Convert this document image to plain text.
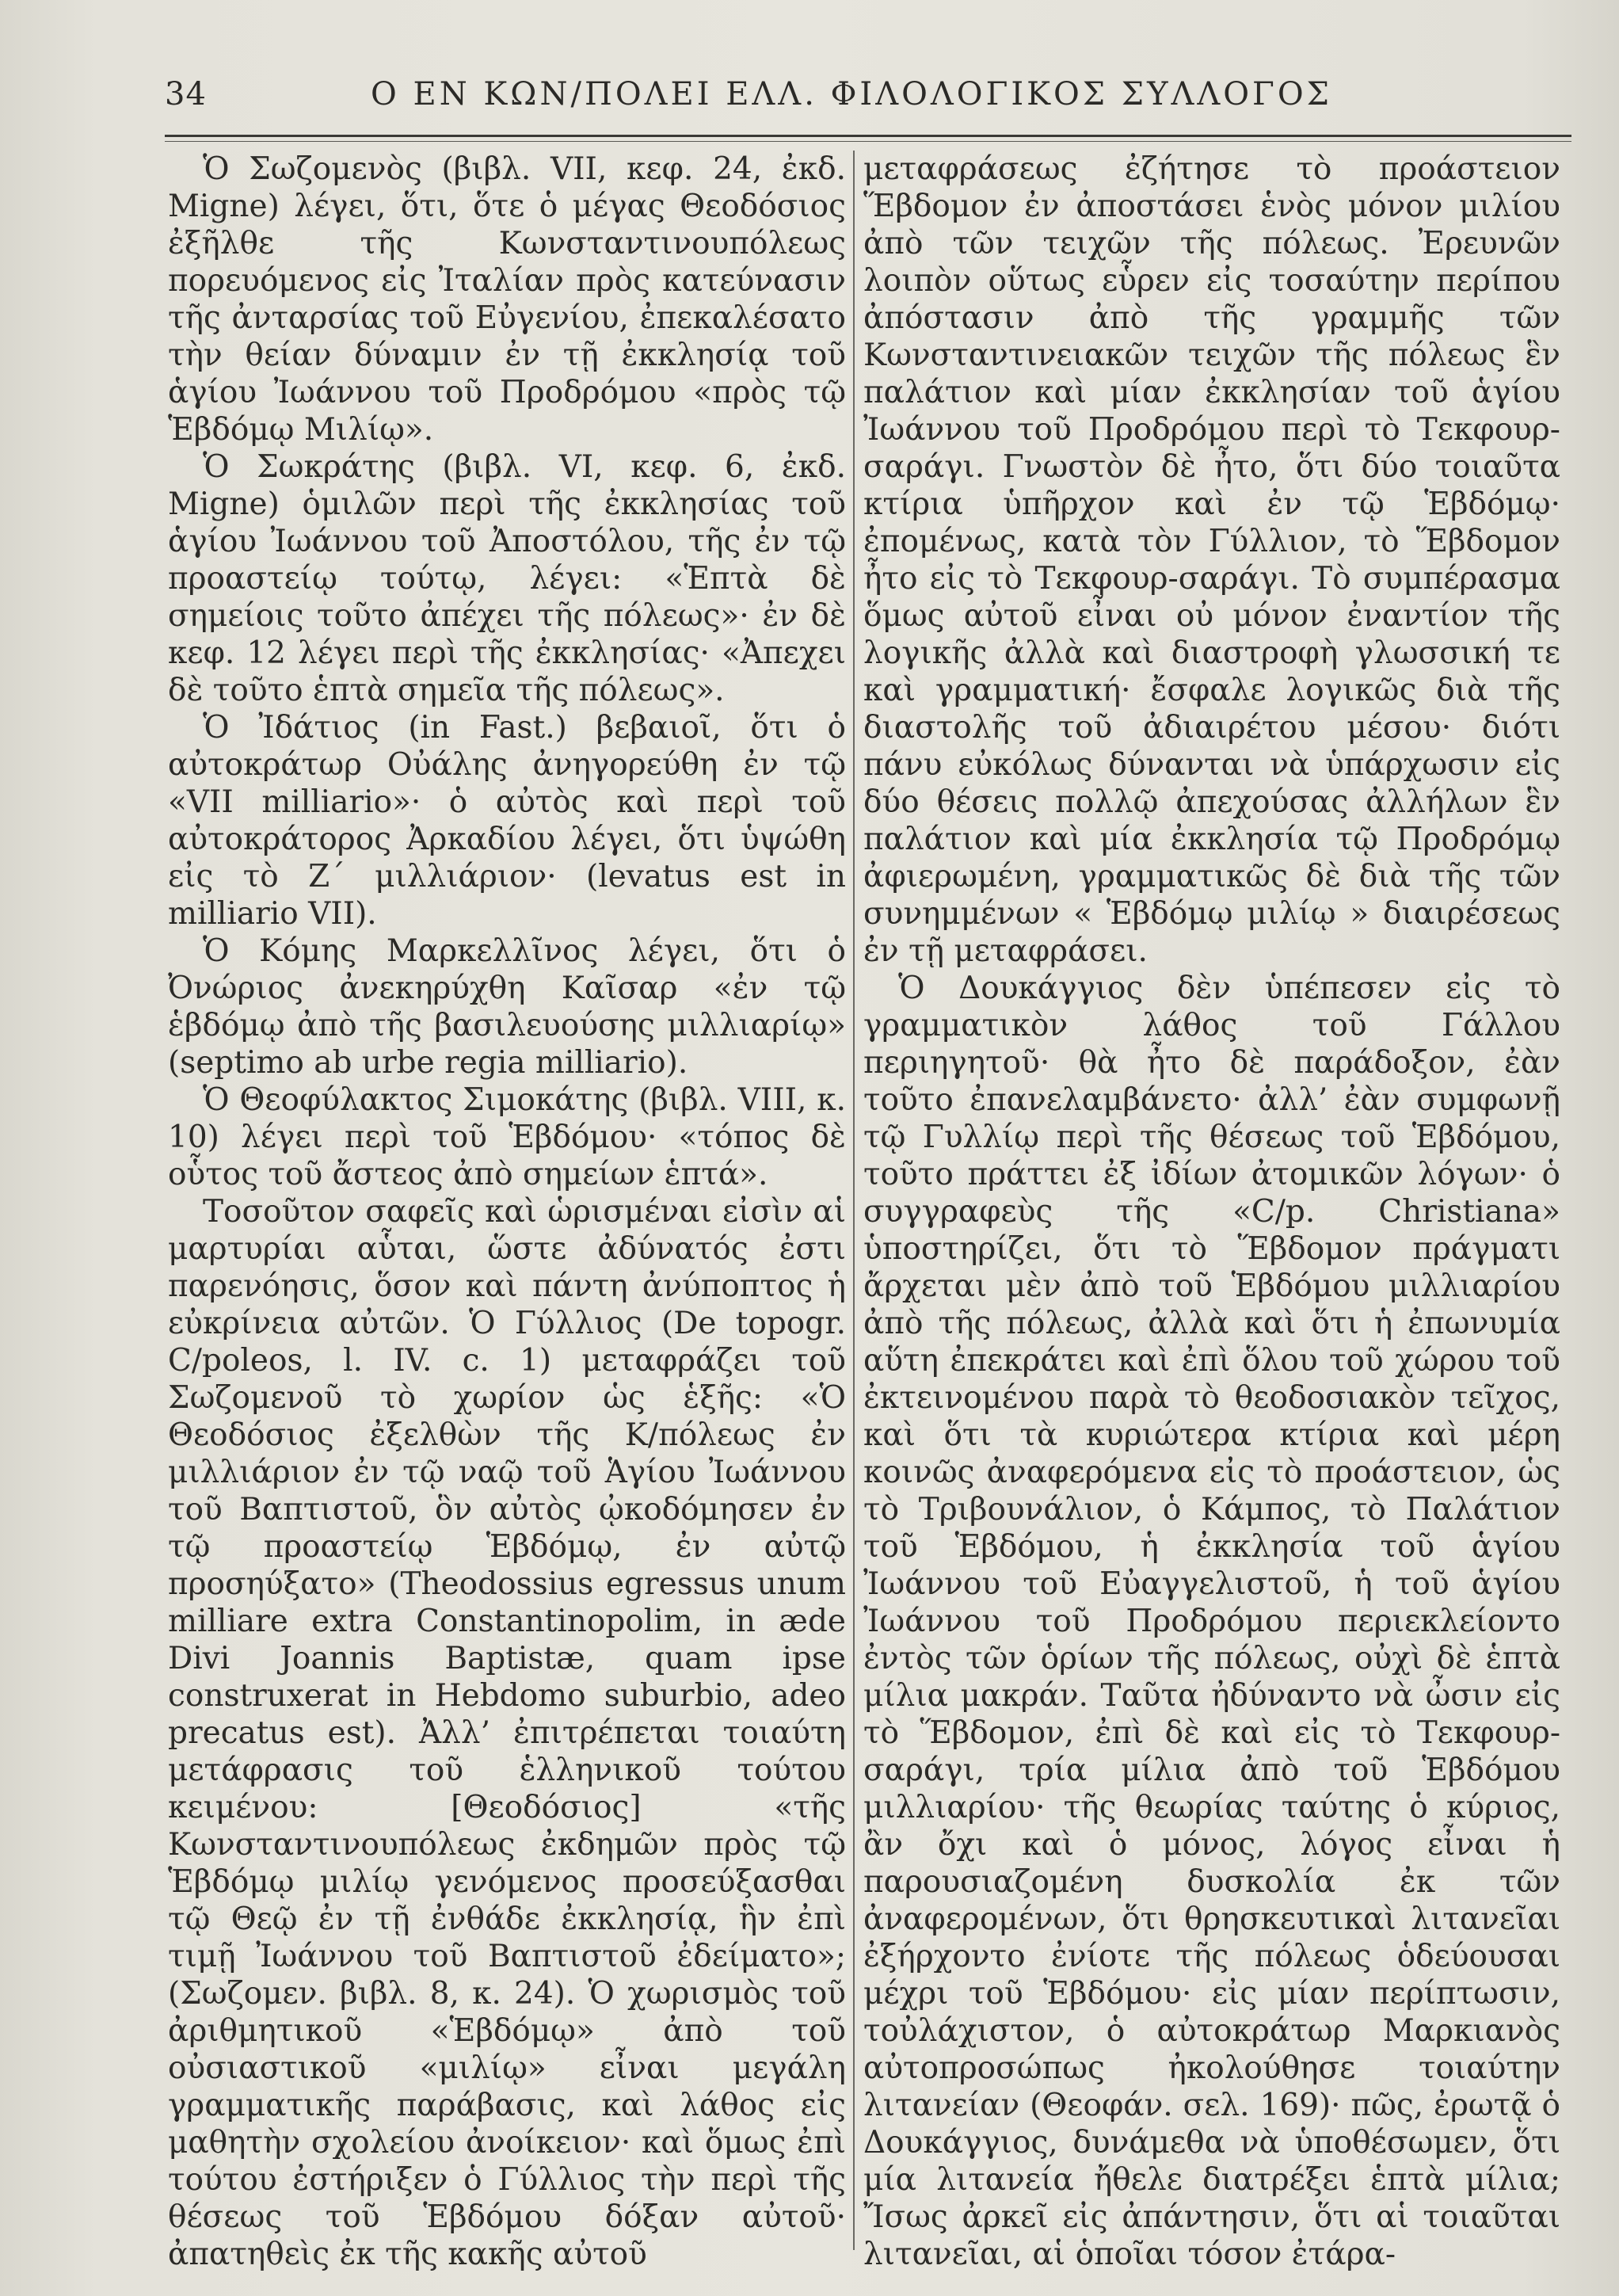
34	Ο ΕΝ ΚΩΝ/ΠΟΛΕΙ ΕΛΛ. ΦΙΛΟΛΟΓΙΚΟΣ ΣΥΛΛΟΓΟΣ

Ὁ Σωζομενὸς (βιβλ. VII, κεφ. 24, ἐκδ. Migne) λέγει, ὅτι, ὅτε ὁ μέγας Θεοδόσιος ἐξῆλθε τῆς Κωνσταντινουπόλεως πορευόμενος εἰς Ἰταλίαν πρὸς κατεύνασιν τῆς ἀνταρσίας τοῦ Εὐγενίου, ἐπεκαλέσατο τὴν θείαν δύναμιν ἐν τῇ ἐκκλησίᾳ τοῦ ἁγίου Ἰωάννου τοῦ Προδρόμου «πρὸς τῷ Ἑβδόμῳ Μιλίῳ».

Ὁ Σωκράτης (βιβλ. VI, κεφ. 6, ἐκδ. Migne) ὁμιλῶν περὶ τῆς ἐκκλησίας τοῦ ἁγίου Ἰωάννου τοῦ Ἀποστόλου, τῆς ἐν τῷ προαστείῳ τούτῳ, λέγει: «Ἑπτὰ δὲ σημείοις τοῦτο ἀπέχει τῆς πόλεως»· ἐν δὲ κεφ. 12 λέγει περὶ τῆς ἐκκλησίας· «Ἀπεχει δὲ τοῦτο ἑπτὰ σημεῖα τῆς πόλεως».

Ὁ Ἰδάτιος (in Fast.) βεβαιοῖ, ὅτι ὁ αὐτοκράτωρ Οὐάλης ἀνηγορεύθη ἐν τῷ «VII milliario»· ὁ αὐτὸς καὶ περὶ τοῦ αὐτοκράτορος Ἀρκαδίου λέγει, ὅτι ὑψώθη εἰς τὸ Ζ΄ μιλλιάριον· (levatus est in milliario VII).

Ὁ Κόμης Μαρκελλῖνος λέγει, ὅτι ὁ Ὀνώριος ἀνεκηρύχθη Καῖσαρ «ἐν τῷ ἑβδόμῳ ἀπὸ τῆς βασιλευούσης μιλλιαρίῳ» (septimo ab urbe regia milliario).

Ὁ Θεοφύλακτος Σιμοκάτης (βιβλ. VIII, κ. 10) λέγει περὶ τοῦ Ἑβδόμου· «τόπος δὲ οὗτος τοῦ ἄστεος ἀπὸ σημείων ἑπτά».

Τοσοῦτον σαφεῖς καὶ ὡρισμέναι εἰσὶν αἱ μαρτυρίαι αὗται, ὥστε ἀδύνατός ἐστι παρενόησις, ὅσον καὶ πάντη ἀνύποπτος ἡ εὐκρίνεια αὐτῶν. Ὁ Γύλλιος (De topogr. C/poleos, l. IV. c. 1) μεταφράζει τοῦ Σωζομενοῦ τὸ χωρίον ὡς ἑξῆς: «Ὁ Θεοδόσιος ἐξελθὼν τῆς Κ/πόλεως ἐν μιλλιάριον ἐν τῷ ναῷ τοῦ Ἁγίου Ἰωάννου τοῦ Βαπτιστοῦ, ὃν αὐτὸς ᾠκοδόμησεν ἐν τῷ προαστείῳ Ἑβδόμῳ, ἐν αὐτῷ προσηύξατο» (Theodossius egressus unum milliare extra Constantinopolim, in æde Divi Joannis Baptistæ, quam ipse construxerat in Hebdomo suburbio, adeo precatus est). Ἀλλ’ ἐπιτρέπεται τοιαύτη μετάφρασις τοῦ ἑλληνικοῦ τούτου κειμένου: [Θεοδόσιος] «τῆς Κωνσταντινουπόλεως ἐκδημῶν πρὸς τῷ Ἑβδόμῳ μιλίῳ γενόμενος προσεύξασθαι τῷ Θεῷ ἐν τῇ ἐνθάδε ἐκκλησίᾳ, ἣν ἐπὶ τιμῇ Ἰωάννου τοῦ Βαπτιστοῦ ἐδείματο»; (Σωζομεν. βιβλ. 8, κ. 24). Ὁ χωρισμὸς τοῦ ἀριθμητικοῦ «Ἑβδόμῳ» ἀπὸ τοῦ οὐσιαστικοῦ «μιλίῳ» εἶναι μεγάλη γραμματικῆς παράβασις, καὶ λάθος εἰς μαθητὴν σχολείου ἀνοίκειον· καὶ ὅμως ἐπὶ τούτου ἐστήριξεν ὁ Γύλλιος τὴν περὶ τῆς θέσεως τοῦ Ἑβδόμου δόξαν αὐτοῦ· ἀπατηθεὶς ἐκ τῆς κακῆς αὐτοῦ

μεταφράσεως ἐζήτησε τὸ προάστειον Ἕβδομον ἐν ἀποστάσει ἑνὸς μόνον μιλίου ἀπὸ τῶν τειχῶν τῆς πόλεως. Ἐρευνῶν λοιπὸν οὕτως εὗρεν εἰς τοσαύτην περίπου ἀπόστασιν ἀπὸ τῆς γραμμῆς τῶν Κωνσταντινειακῶν τειχῶν τῆς πόλεως ἓν παλάτιον καὶ μίαν ἐκκλησίαν τοῦ ἁγίου Ἰωάννου τοῦ Προδρόμου περὶ τὸ Τεκφουρ-σαράγι. Γνωστὸν δὲ ἦτο, ὅτι δύο τοιαῦτα κτίρια ὑπῆρχον καὶ ἐν τῷ Ἑβδόμῳ· ἐπομένως, κατὰ τὸν Γύλλιον, τὸ Ἕβδομον ἦτο εἰς τὸ Τεκφουρ-σαράγι. Τὸ συμπέρασμα ὅμως αὐτοῦ εἶναι οὐ μόνον ἐναντίον τῆς λογικῆς ἀλλὰ καὶ διαστροφὴ γλωσσική τε καὶ γραμματική· ἔσφαλε λογικῶς διὰ τῆς διαστολῆς τοῦ ἀδιαιρέτου μέσου· διότι πάνυ εὐκόλως δύνανται νὰ ὑπάρχωσιν εἰς δύο θέσεις πολλῷ ἀπεχούσας ἀλλήλων ἓν παλάτιον καὶ μία ἐκκλησία τῷ Προδρόμῳ ἀφιερωμένη, γραμματικῶς δὲ διὰ τῆς τῶν συνημμένων « Ἑβδόμῳ μιλίῳ » διαιρέσεως ἐν τῇ μεταφράσει.

Ὁ Δουκάγγιος δὲν ὑπέπεσεν εἰς τὸ γραμματικὸν λάθος τοῦ Γάλλου περιηγητοῦ· θὰ ἦτο δὲ παράδοξον, ἐὰν τοῦτο ἐπανελαμβάνετο· ἀλλ’ ἐὰν συμφωνῇ τῷ Γυλλίῳ περὶ τῆς θέσεως τοῦ Ἑβδόμου, τοῦτο πράττει ἐξ ἰδίων ἀτομικῶν λόγων· ὁ συγγραφεὺς τῆς «C/p. Christiana» ὑποστηρίζει, ὅτι τὸ Ἕβδομον πράγματι ἄρχεται μὲν ἀπὸ τοῦ Ἑβδόμου μιλλιαρίου ἀπὸ τῆς πόλεως, ἀλλὰ καὶ ὅτι ἡ ἐπωνυμία αὕτη ἐπεκράτει καὶ ἐπὶ ὅλου τοῦ χώρου τοῦ ἐκτεινομένου παρὰ τὸ θεοδοσιακὸν τεῖχος, καὶ ὅτι τὰ κυριώτερα κτίρια καὶ μέρη κοινῶς ἀναφερόμενα εἰς τὸ προάστειον, ὡς τὸ Τριβουνάλιον, ὁ Κάμπος, τὸ Παλάτιον τοῦ Ἑβδόμου, ἡ ἐκκλησία τοῦ ἁγίου Ἰωάννου τοῦ Εὐαγγελιστοῦ, ἡ τοῦ ἁγίου Ἰωάννου τοῦ Προδρόμου περιεκλείοντο ἐντὸς τῶν ὁρίων τῆς πόλεως, οὐχὶ δὲ ἑπτὰ μίλια μακράν. Ταῦτα ἠδύναντο νὰ ὦσιν εἰς τὸ Ἕβδομον, ἐπὶ δὲ καὶ εἰς τὸ Τεκφουρ-σαράγι, τρία μίλια ἀπὸ τοῦ Ἑβδόμου μιλλιαρίου· τῆς θεωρίας ταύτης ὁ κύριος, ἂν ὄχι καὶ ὁ μόνος, λόγος εἶναι ἡ παρουσιαζομένη δυσκολία ἐκ τῶν ἀναφερομένων, ὅτι θρησκευτικαὶ λιτανεῖαι ἐξήρχοντο ἐνίοτε τῆς πόλεως ὁδεύουσαι μέχρι τοῦ Ἑβδόμου· εἰς μίαν περίπτωσιν, τοὐλάχιστον, ὁ αὐτοκράτωρ Μαρκιανὸς αὐτοπροσώπως ἠκολούθησε τοιαύτην λιτανείαν (Θεοφάν. σελ. 169)· πῶς, ἐρωτᾷ ὁ Δουκάγγιος, δυνάμεθα νὰ ὑποθέσωμεν, ὅτι μία λιτανεία ἤθελε διατρέξει ἑπτὰ μίλια; Ἴσως ἀρκεῖ εἰς ἀπάντησιν, ὅτι αἱ τοιαῦται λιτανεῖαι, αἱ ὁποῖαι τόσον ἐτάρα-
